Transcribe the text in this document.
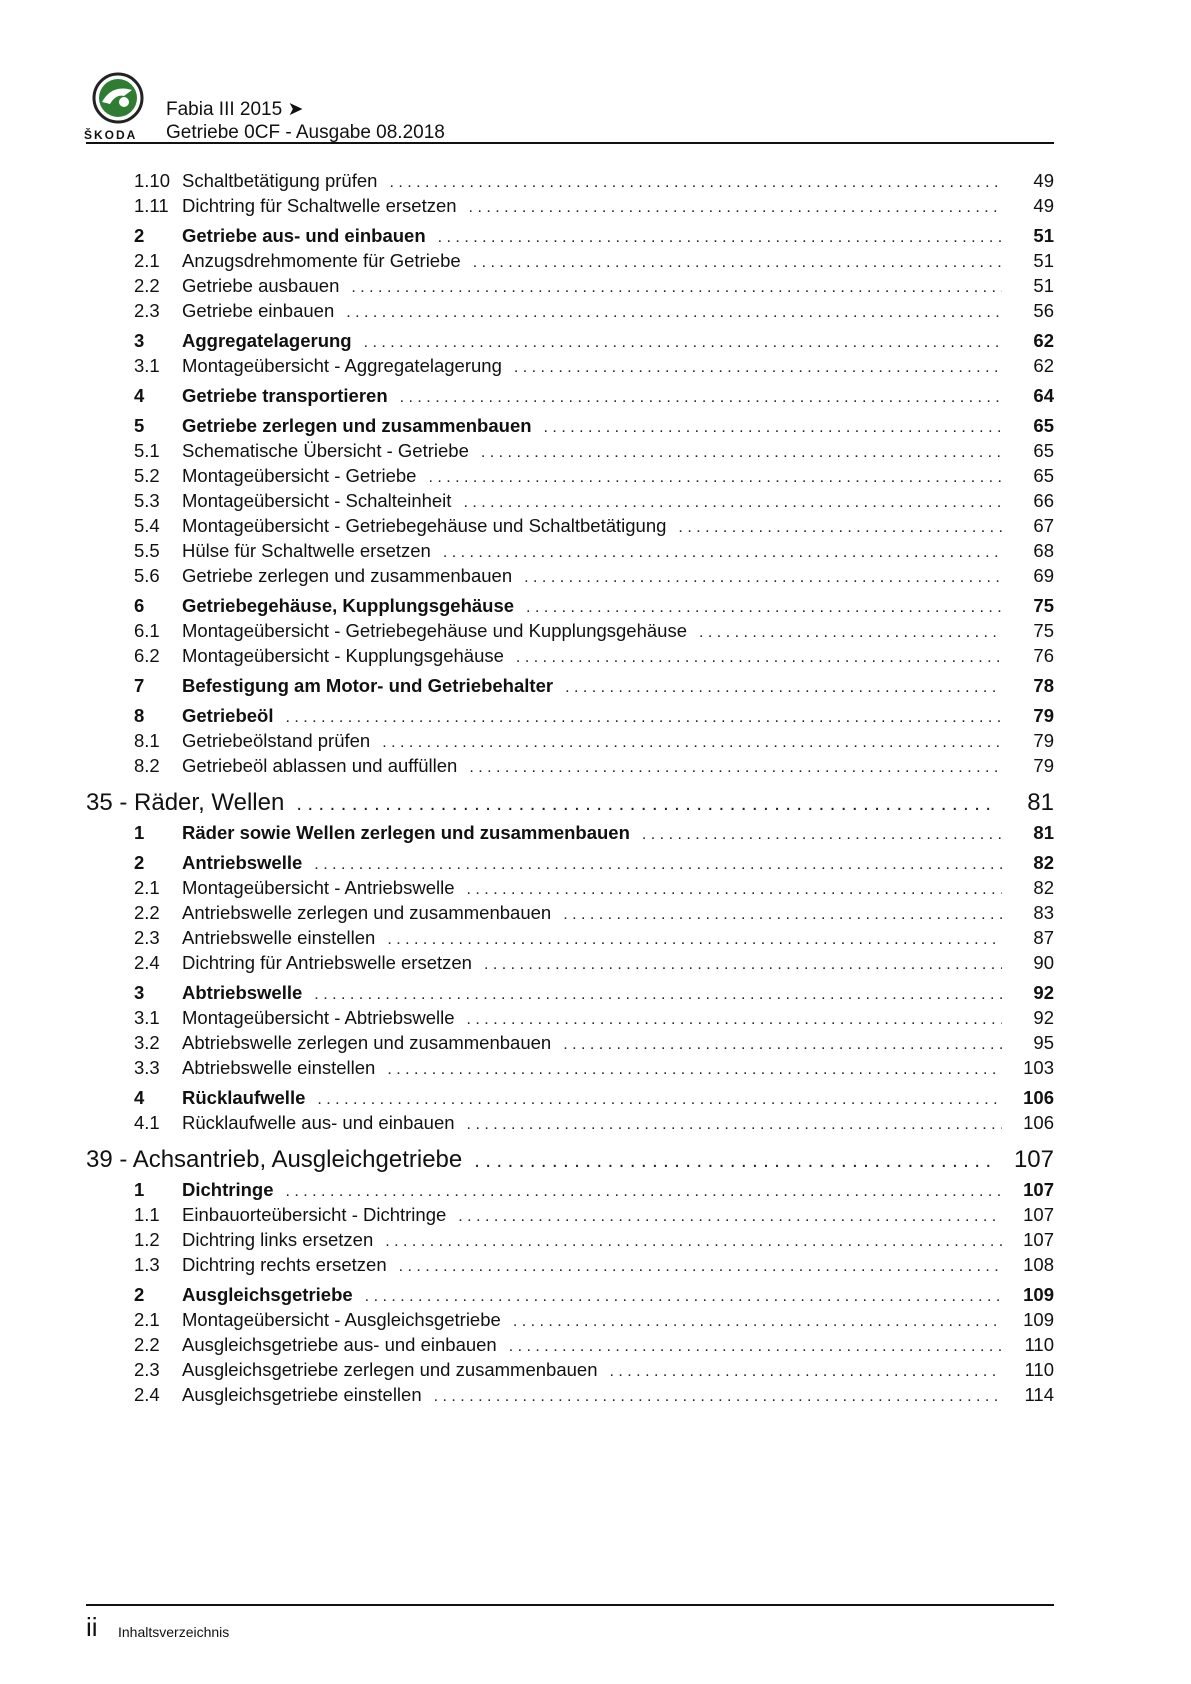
ŠKODA
Fabia III 2015 ➤
Getriebe 0CF - Ausgabe 08.2018
1.10 Schaltbetätigung prüfen . . .	49
1.11 Dichtring für Schaltwelle ersetzen . . .	49
2	Getriebe aus- und einbauen . . .	51
2.1	Anzugsdrehmomente für Getriebe . . .	51
2.2	Getriebe ausbauen . . .	51
2.3	Getriebe einbauen . . .	56
3	Aggregatelagerung . . .	62
3.1	Montageübersicht - Aggregatelagerung . . .	62
4	Getriebe transportieren . . .	64
5	Getriebe zerlegen und zusammenbauen . . .	65
5.1	Schematische Übersicht - Getriebe . . .	65
5.2	Montageübersicht - Getriebe . . .	65
5.3	Montageübersicht - Schalteinheit . . .	66
5.4	Montageübersicht - Getriebegehäuse und Schaltbetätigung . . .	67
5.5	Hülse für Schaltwelle ersetzen . . .	68
5.6	Getriebe zerlegen und zusammenbauen . . .	69
6	Getriebegehäuse, Kupplungsgehäuse . . .	75
6.1	Montageübersicht - Getriebegehäuse und Kupplungsgehäuse . . .	75
6.2	Montageübersicht - Kupplungsgehäuse . . .	76
7	Befestigung am Motor- und Getriebehalter . . .	78
8	Getriebeöl . . .	79
8.1	Getriebeölstand prüfen . . .	79
8.2	Getriebeöl ablassen und auffüllen . . .	79
35 - Räder, Wellen . . .	81
1	Räder sowie Wellen zerlegen und zusammenbauen . . .	81
2	Antriebswelle . . .	82
2.1	Montageübersicht - Antriebswelle . . .	82
2.2	Antriebswelle zerlegen und zusammenbauen . . .	83
2.3	Antriebswelle einstellen . . .	87
2.4	Dichtring für Antriebswelle ersetzen . . .	90
3	Abtriebswelle . . .	92
3.1	Montageübersicht - Abtriebswelle . . .	92
3.2	Abtriebswelle zerlegen und zusammenbauen . . .	95
3.3	Abtriebswelle einstellen . . .	103
4	Rücklaufwelle . . .	106
4.1	Rücklaufwelle aus- und einbauen . . .	106
39 - Achsantrieb, Ausgleichgetriebe . . .	107
1	Dichtringe . . .	107
1.1	Einbauorteübersicht - Dichtringe . . .	107
1.2	Dichtring links ersetzen . . .	107
1.3	Dichtring rechts ersetzen . . .	108
2	Ausgleichsgetriebe . . .	109
2.1	Montageübersicht - Ausgleichsgetriebe . . .	109
2.2	Ausgleichsgetriebe aus- und einbauen . . .	110
2.3	Ausgleichsgetriebe zerlegen und zusammenbauen . . .	110
2.4	Ausgleichsgetriebe einstellen . . .	114
ii Inhaltsverzeichnis
